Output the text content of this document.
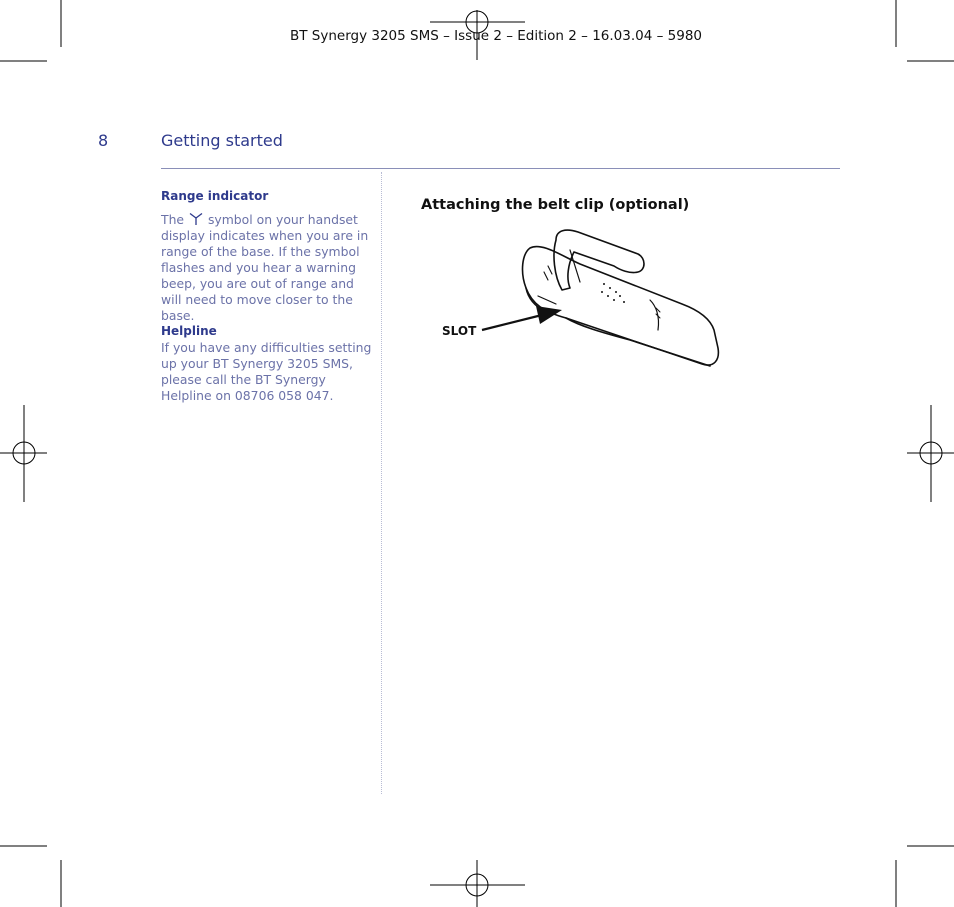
BT Synergy 3205 SMS – Issue 2 – Edition 2 – 16.03.04 – 5980
8	Getting started
Range indicator
The symbol on your handset display indicates when you are in range of the base. If the symbol flashes and you hear a warning beep, you are out of range and will need to move closer to the base.
Helpline
If you have any difficulties setting up your BT Synergy 3205 SMS, please call the BT Synergy Helpline on 08706 058 047.
Attaching the belt clip (optional)
SLOT
